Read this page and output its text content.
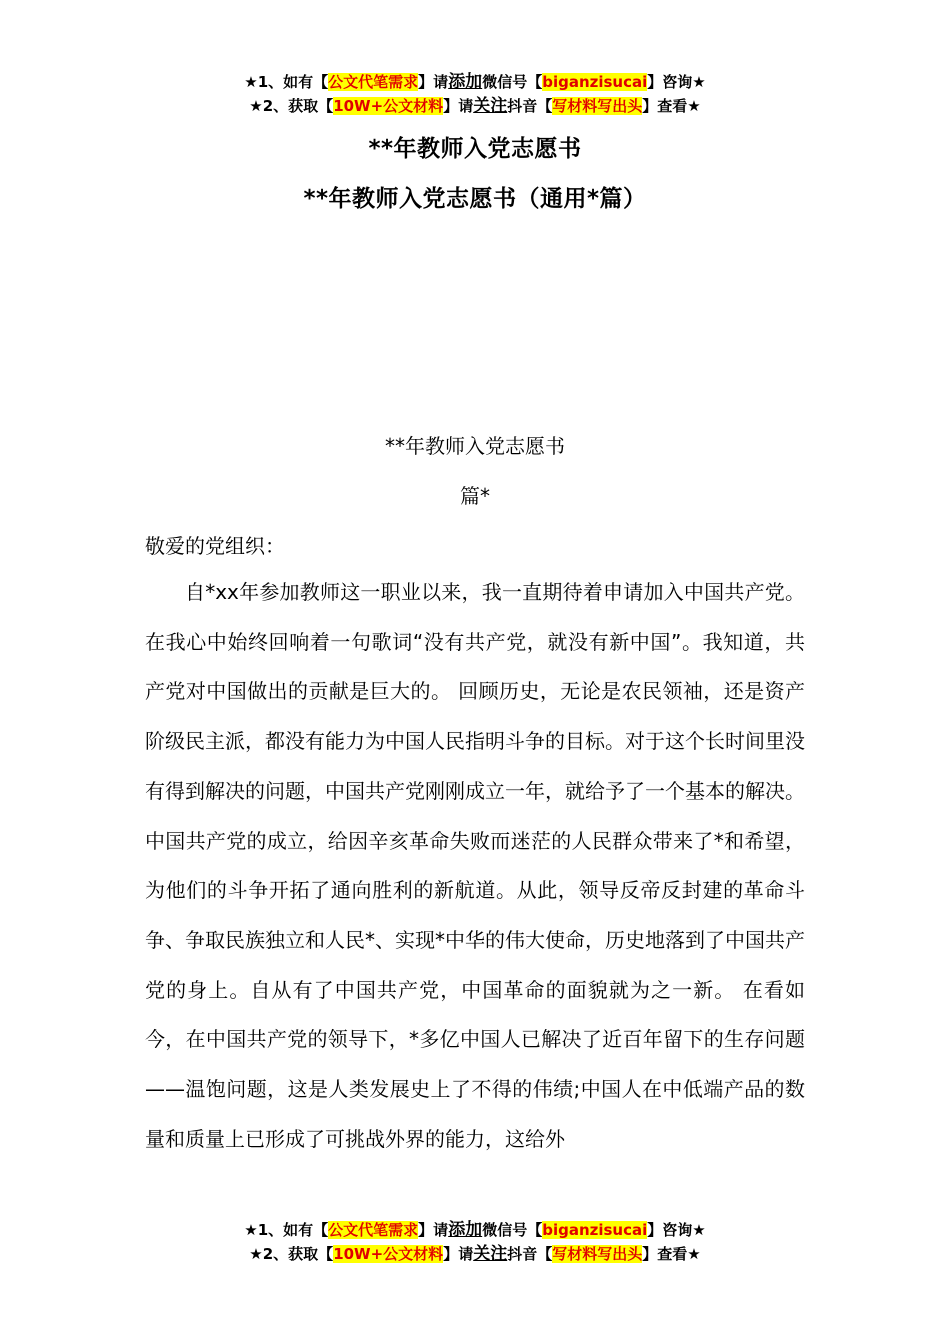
★1、如有【公文代笔需求】请添加微信号【biganzisucai】咨询★
★2、获取【10W+公文材料】请关注抖音【写材料写出头】查看★
**年教师入党志愿书
**年教师入党志愿书（通用*篇）
**年教师入党志愿书
篇*
敬爱的党组织：

自*xx年参加教师这一职业以来，我一直期待着申请加入中国共产党。在我心中始终回响着一句歌词“没有共产党，就没有新中国”。我知道，共产党对中国做出的贡献是巨大的。 回顾历史，无论是农民领袖，还是资产阶级民主派，都没有能力为中国人民指明斗争的目标。对于这个长时间里没有得到解决的问题，中国共产党刚刚成立一年，就给予了一个基本的解决。中国共产党的成立，给因辛亥革命失败而迷茫的人民群众带来了*和希望，为他们的斗争开拓了通向胜利的新航道。从此，领导反帝反封建的革命斗争、争取民族独立和人民*、实现*中华的伟大使命，历史地落到了中国共产党的身上。自从有了中国共产党，中国革命的面貌就为之一新。 在看如今，在中国共产党的领导下，*多亿中国人已解决了近百年留下的生存问题——温饱问题，这是人类发展史上了不得的伟绩;中国人在中低端产品的数量和质量上已形成了可挑战外界的能力，这给外

★1、如有【公文代笔需求】请添加微信号【biganzisucai】咨询★
★2、获取【10W+公文材料】请关注抖音【写材料写出头】查看★
